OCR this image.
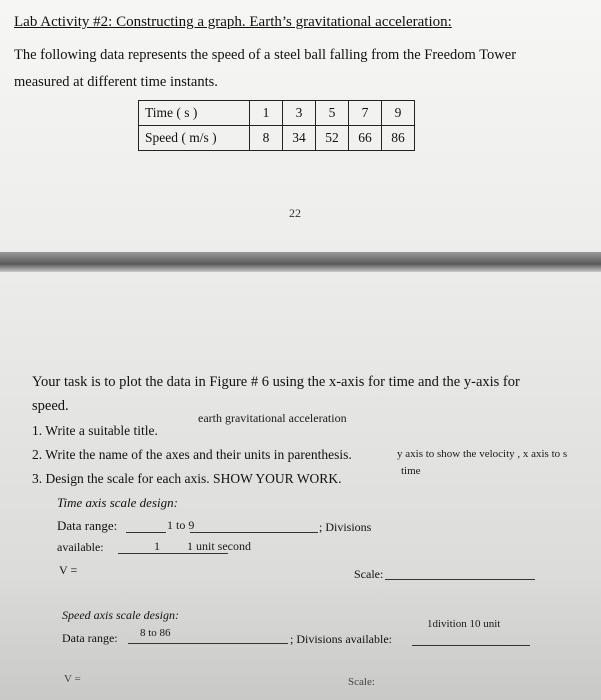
Lab Activity #2: Constructing a graph. Earth’s gravitational acceleration:
The following data represents the speed of a steel ball falling from the Freedom Tower
measured at different time instants.
Time ( s )	1	3	5	7	9
Speed ( m/s )	8	34	52	66	86
22
Your task is to plot the data in Figure # 6 using the x-axis for time and the y-axis for
speed.
earth gravitational acceleration
1. Write a suitable title.
2. Write the name of the axes and their units in parenthesis.	y axis to show the velocity , x axis to s
time
3. Design the scale for each axis. SHOW YOUR WORK.
Time axis scale design:
Data range:	1 to 9	; Divisions
available:	1 1 unit second
V =	Scale:
Speed axis scale design:
1divition 10 unit
Data range: 8 to 86	; Divisions available:
V =	Scale:
